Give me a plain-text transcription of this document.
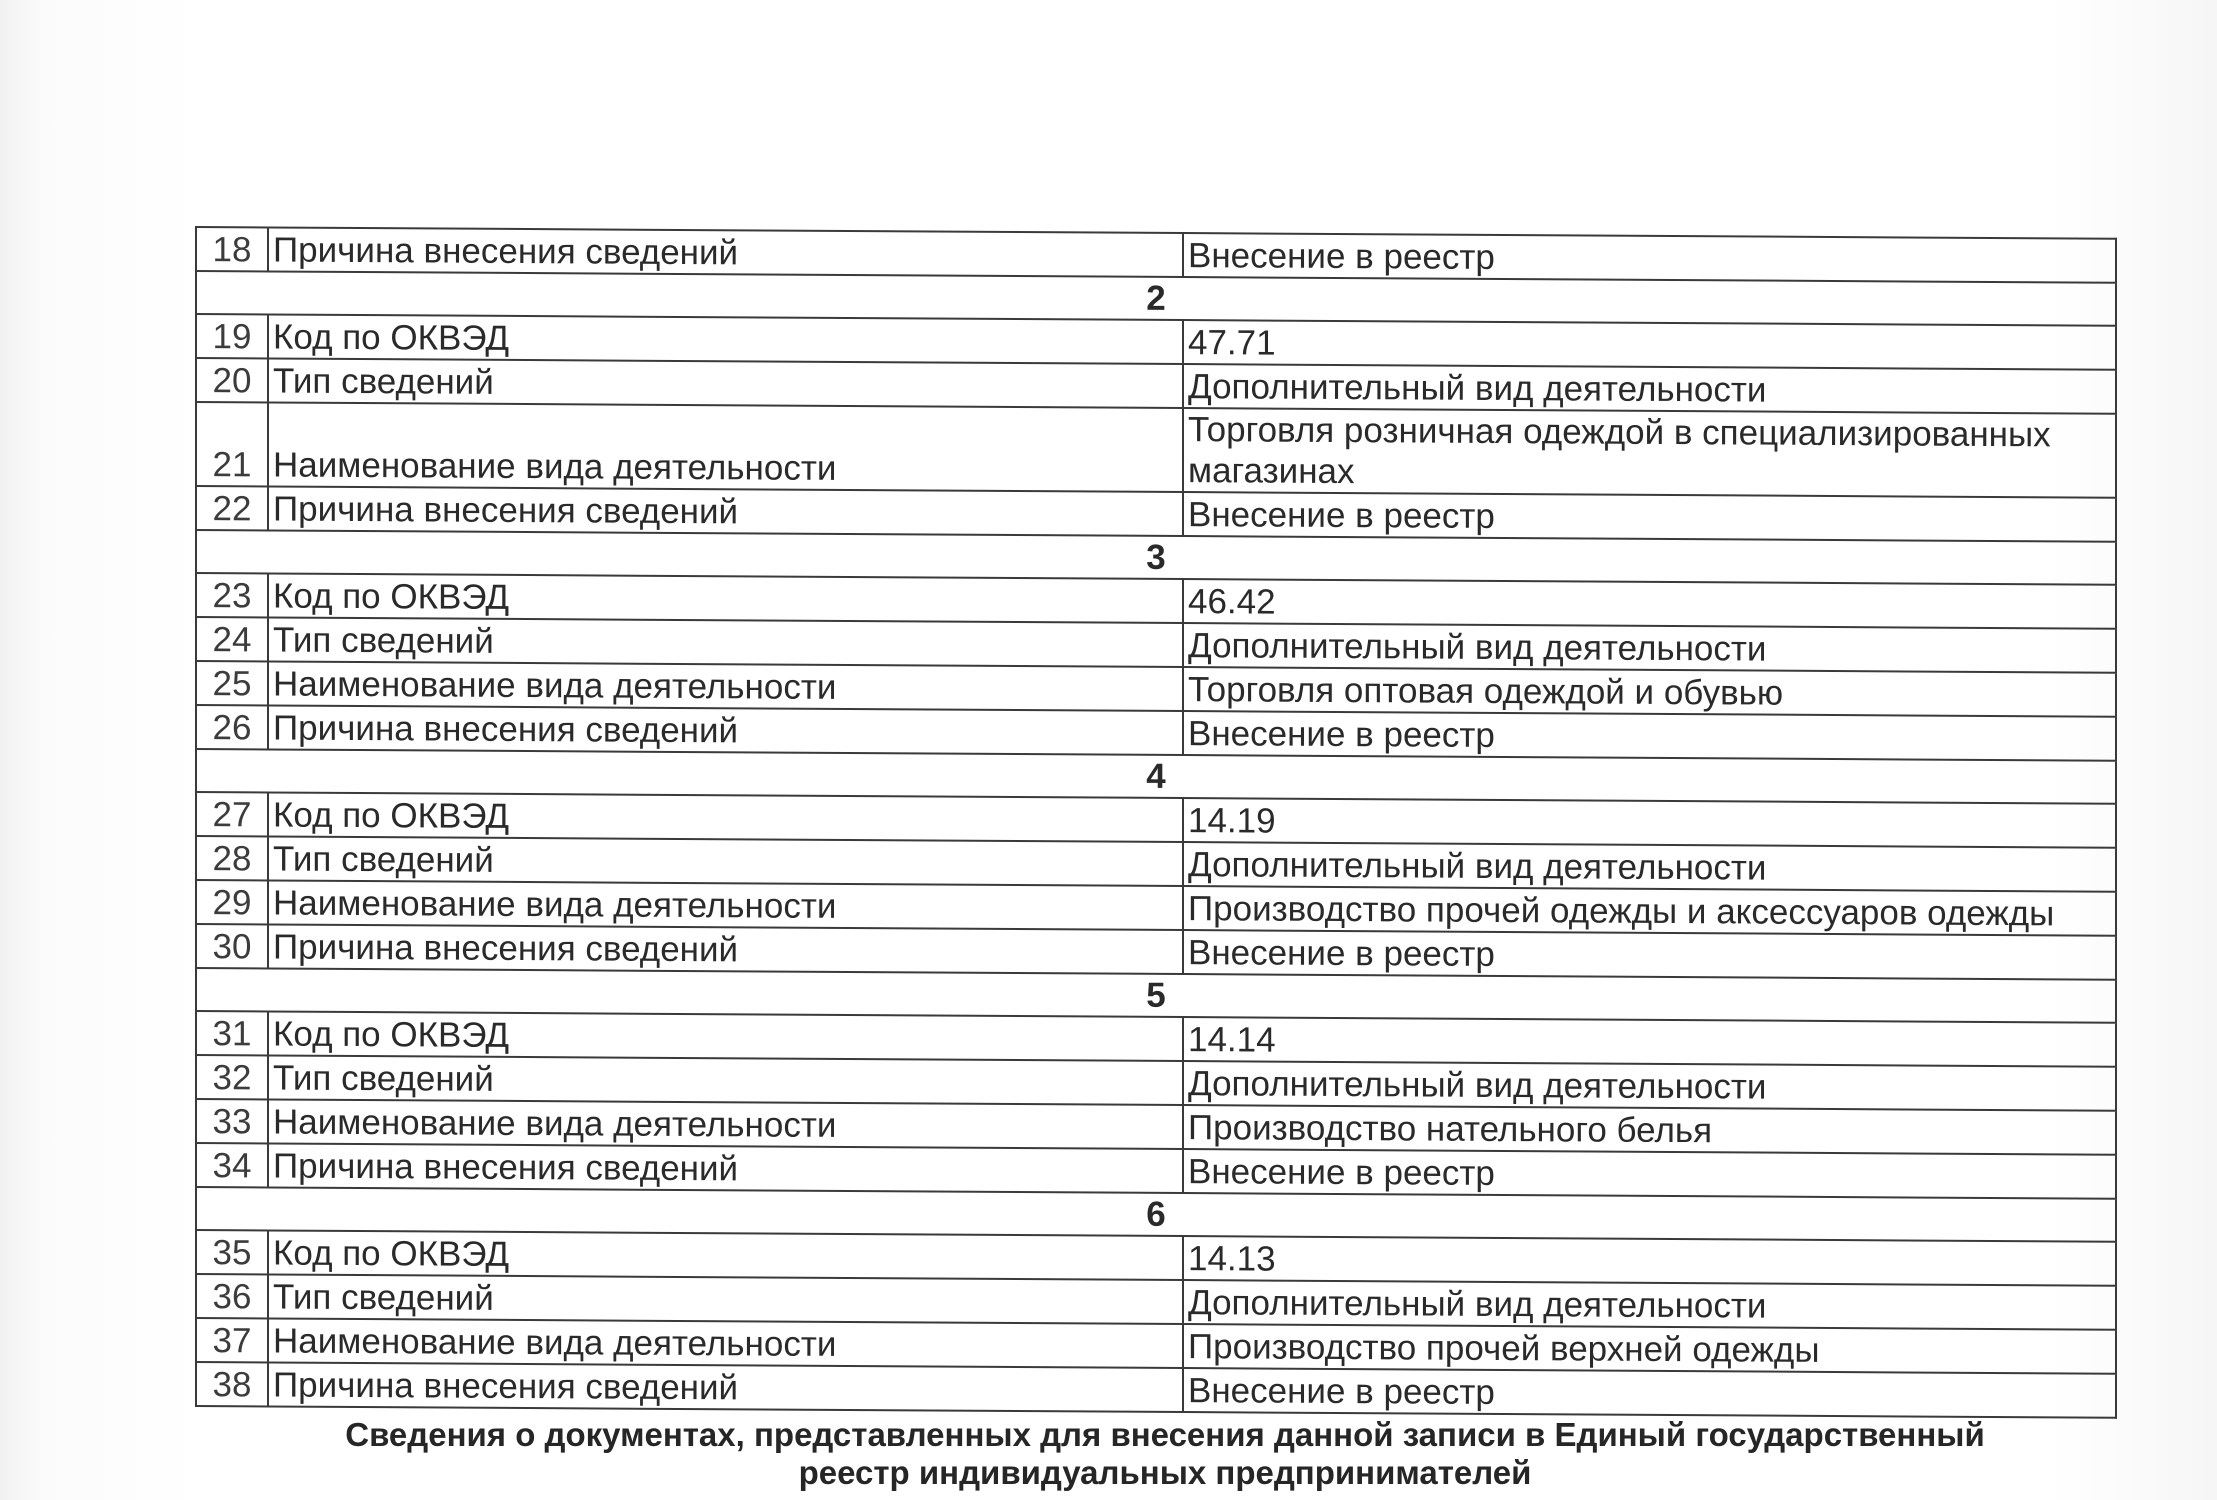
18	Причина внесения сведений	Внесение в реестр
2		
19	Код по ОКВЭД	47.71
20	Тип сведений	Дополнительный вид деятельности
21	Наименование вида деятельности	Торговля розничная одеждой в специализированных магазинах
22	Причина внесения сведений	Внесение в реестр
3		
23	Код по ОКВЭД	46.42
24	Тип сведений	Дополнительный вид деятельности
25	Наименование вида деятельности	Торговля оптовая одеждой и обувью
26	Причина внесения сведений	Внесение в реестр
4		
27	Код по ОКВЭД	14.19
28	Тип сведений	Дополнительный вид деятельности
29	Наименование вида деятельности	Производство прочей одежды и аксессуаров одежды
30	Причина внесения сведений	Внесение в реестр
5		
31	Код по ОКВЭД	14.14
32	Тип сведений	Дополнительный вид деятельности
33	Наименование вида деятельности	Производство нательного белья
34	Причина внесения сведений	Внесение в реестр
6		
35	Код по ОКВЭД	14.13
36	Тип сведений	Дополнительный вид деятельности
37	Наименование вида деятельности	Производство прочей верхней одежды
38	Причина внесения сведений	Внесение в реестр
Сведения о документах, представленных для внесения данной записи в Единый государственный
реестр индивидуальных предпринимателей
